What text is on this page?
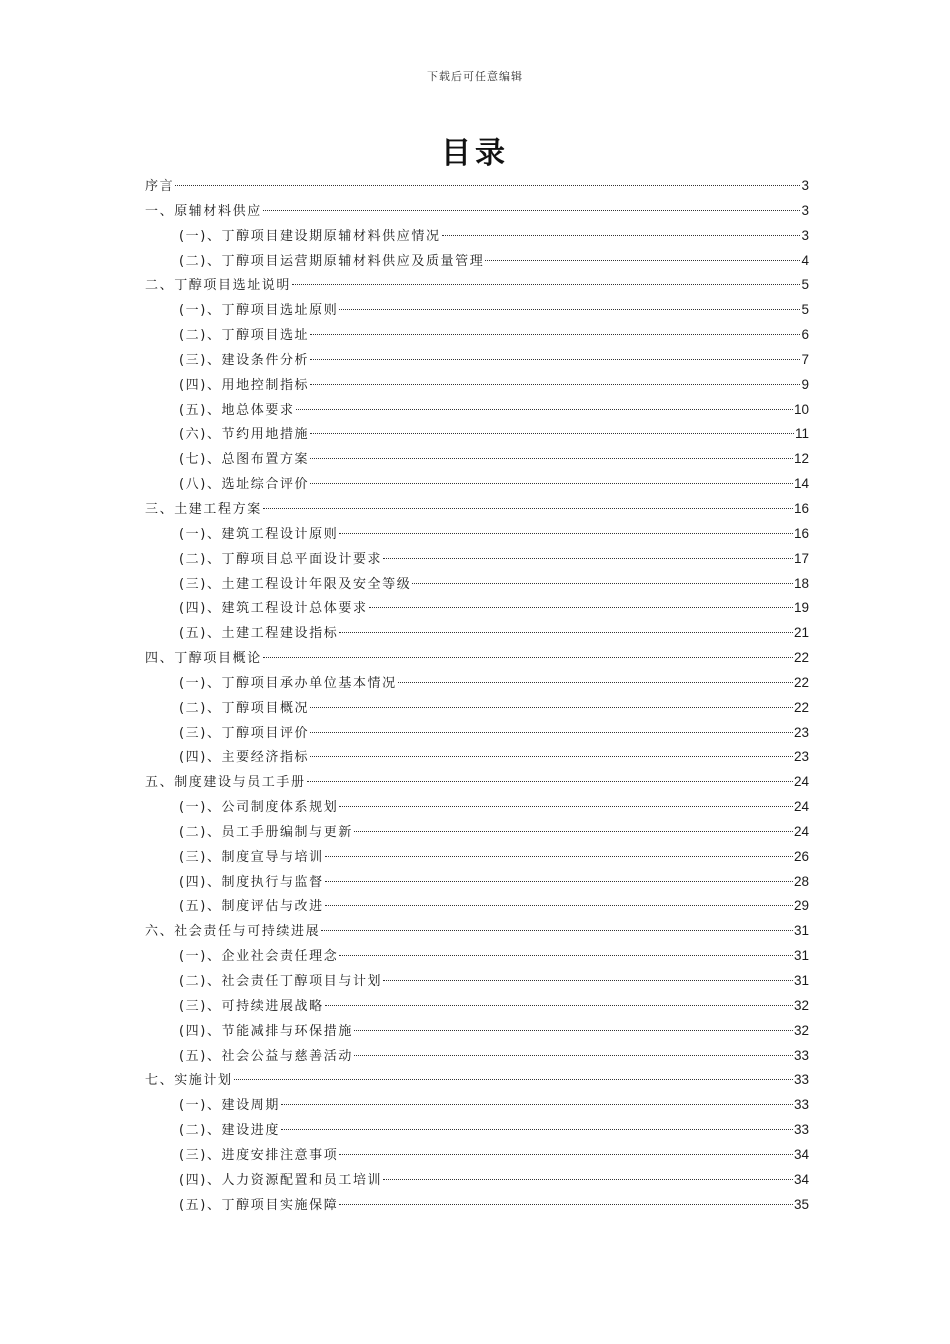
下载后可任意编辑
目录
序言	3
一、原辅材料供应	3
(一)、丁醇项目建设期原辅材料供应情况	3
(二)、丁醇项目运营期原辅材料供应及质量管理	4
二、丁醇项目选址说明	5
(一)、丁醇项目选址原则	5
(二)、丁醇项目选址	6
(三)、建设条件分析	7
(四)、用地控制指标	9
(五)、地总体要求	10
(六)、节约用地措施	11
(七)、总图布置方案	12
(八)、选址综合评价	14
三、土建工程方案	16
(一)、建筑工程设计原则	16
(二)、丁醇项目总平面设计要求	17
(三)、土建工程设计年限及安全等级	18
(四)、建筑工程设计总体要求	19
(五)、土建工程建设指标	21
四、丁醇项目概论	22
(一)、丁醇项目承办单位基本情况	22
(二)、丁醇项目概况	22
(三)、丁醇项目评价	23
(四)、主要经济指标	23
五、制度建设与员工手册	24
(一)、公司制度体系规划	24
(二)、员工手册编制与更新	24
(三)、制度宣导与培训	26
(四)、制度执行与监督	28
(五)、制度评估与改进	29
六、社会责任与可持续进展	31
(一)、企业社会责任理念	31
(二)、社会责任丁醇项目与计划	31
(三)、可持续进展战略	32
(四)、节能减排与环保措施	32
(五)、社会公益与慈善活动	33
七、实施计划	33
(一)、建设周期	33
(二)、建设进度	33
(三)、进度安排注意事项	34
(四)、人力资源配置和员工培训	34
(五)、丁醇项目实施保障	35
